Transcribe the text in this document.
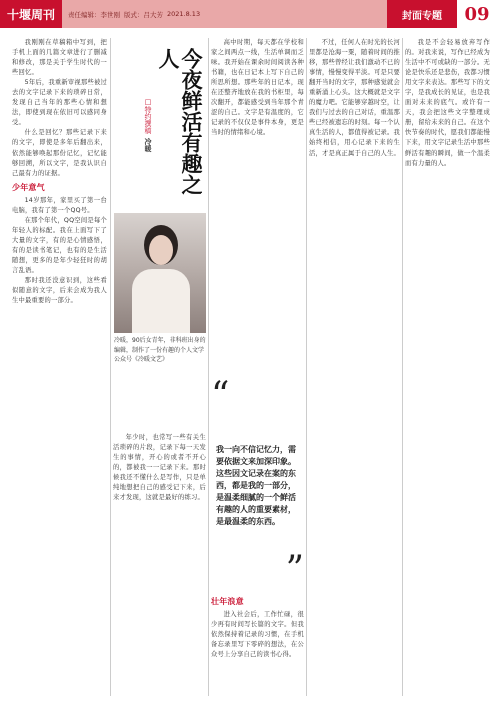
十堰周刊	责任编辑：李世刚 版式：吕大芳 2021.8.13	封面专题	09

我刚刚在草稿箱中写到，把手机上面的几篇文章进行了删减和修改，那是关于学生时代的一些回忆。

5年后，我重新审视那些被过去的文字记录下来的琐碎日常，发现自己当年的那些心情和想法，即使到现在依旧可以感同身受。

什么是回忆？那些记录下来的文字，即使是多年后翻出来，依然能够唤起那份记忆，记忆能够回溯，所以文字，是我认识自己最有力的证据。

少年意气

14岁那年，家里买了第一台电脑，我有了第一个QQ号。

在那个年代，QQ空间是每个年轻人的标配。我在上面写下了大量的文字，有的是心情感悟，有的是读书笔记，也有的是生活随想，更多的是年少轻狂时的胡言乱语。

那时我还没意识到，这些看似随意的文字，后来会成为我人生中最重要的一部分。

今夜鲜活有趣之人
□特约撰稿
冷暖
冷暖，90后女青年，非科班出身的编辑，制作了一份有趣的个人文学公众号《冷暖文艺》

年少时，也常写一些有关生活琐碎的片段，记录下每一天发生的事情，开心的或者不开心的，都被我一一记录下来。那时候我还不懂什么是写作，只是单纯地想把自己的感受记下来，后来才发现，这就是最好的练习。

高中时期，每天都在学校和家之间两点一线，生活单调而乏味。我开始在课余时间阅读各种书籍，也在日记本上写下自己的所思所想。那些年的日记本，现在还整齐地放在我的书柜里，每次翻开，都能感受到当年那个青涩的自己。文字是有温度的，它记录的不仅仅是事件本身，更是当时的情绪和心境。

“
我一向不信记忆力，需要依据文来加深印象。这些因文记录在案的东西，都是我的一部分，是温柔细腻的一个鲜活有趣的人的重要素材，是最温柔的东西。
”
壮年浪意

进入社会后，工作忙碌，很少再有时间写长篇的文字。但我依然保持着记录的习惯，在手机备忘录里写下零碎的想法，在公众号上分享自己的读书心得。

不过，任何人在时光的长河里都是沧海一粟，随着时间的推移，那些曾经让我们激动不已的事情，慢慢变得平淡。可是只要翻开当时的文字，那种感觉就会重新涌上心头。这大概就是文字的魔力吧。它能够穿越时空，让我们与过去的自己对话，重温那些已经被遗忘的时刻。每一个认真生活的人，都值得被记录。我始终相信，用心记录下来的生活，才是真正属于自己的人生。

我是不会轻易放弃写作的。对我来说，写作已经成为生活中不可或缺的一部分。无论是快乐还是悲伤，我都习惯用文字来表达。那些写下的文字，是我成长的见证，也是我面对未来的底气。或许有一天，我会把这些文字整理成册，留给未来的自己。在这个快节奏的时代，愿我们都能慢下来，用文字记录生活中那些鲜活有趣的瞬间，做一个温柔而有力量的人。
